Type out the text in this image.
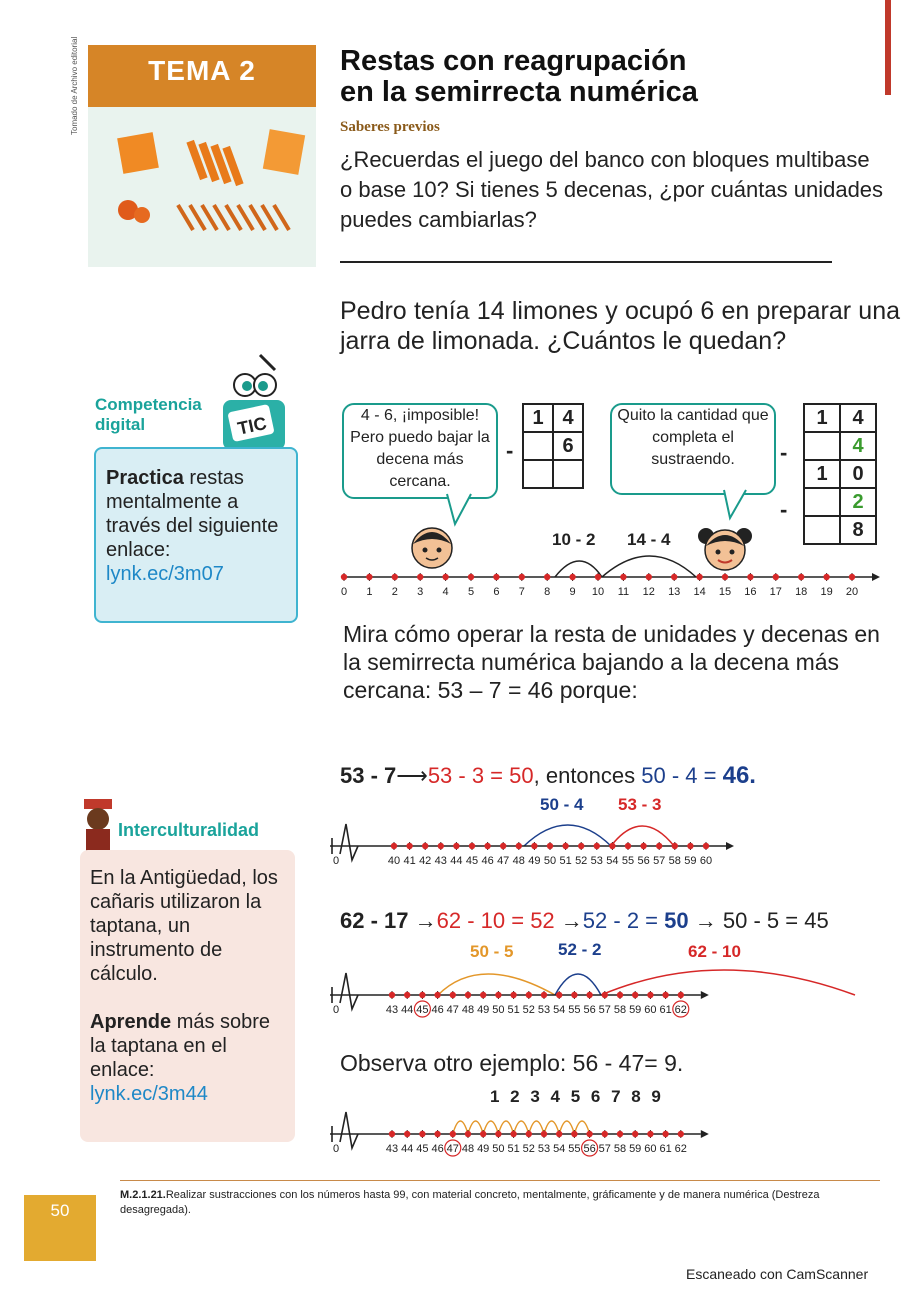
TEMA 2
Tomado de Archivo editorial	Restas con reagrupación
en la semirrecta numérica
Saberes previos
¿Recuerdas el juego del banco con bloques multibase o base 10? Si tienes 5 decenas, ¿por cuántas unidades puedes cambiarlas?
Pedro tenía 14 limones y ocupó 6 en preparar una jarra de limonada. ¿Cuántos le quedan?
Competencia
digital	TIC
Practica restas mentalmente a través del siguiente enlace:
lynk.ec/3m07
4 - 6, ¡imposible! Pero puedo bajar la decena más cercana.
-
1	4
	6

Quito la cantidad que completa el sustraendo.	-
-
1	4
	4
1	0
	2
	8
10 - 2 14 - 4
0 1 2 3 4 5 6 7 8 9 10 11 12 13 14 15 16 17 18 19 20
Mira cómo operar la resta de unidades y decenas en la semirrecta numérica bajando a la decena más cercana: 53 – 7 = 46 porque:
53 - 7⟶53 - 3 = 50, entonces 50 - 4 = 46.
50 - 4 53 - 3
0	40 41 42 43 44 45 46 47 48 49 50 51 52 53 54 55 56 57 58 59 60
62 - 17 →62 - 10 = 52 →52 - 2 = 50 → 50 - 5 = 45
50 - 5	52 - 2	62 - 10
0	43 44 45 46 47 48 49 50 51 52 53 54 55 56 57 58 59 60 61 62
Observa otro ejemplo: 56 - 47= 9.
1 2 3 4 5 6 7 8 9
0	43 44 45 46 47 48 49 50 51 52 53 54 55 56 57 58 59 60 61 62
Interculturalidad
En la Antigüedad, los cañaris utilizaron la taptana, un instrumento de cálculo.
Aprende más sobre la taptana en el enlace:
lynk.ec/3m44
M.2.1.21.Realizar sustracciones con los números hasta 99, con material concreto, mentalmente, gráficamente y de manera numérica (Destreza desagregada).
50
Escaneado con CamScanner
